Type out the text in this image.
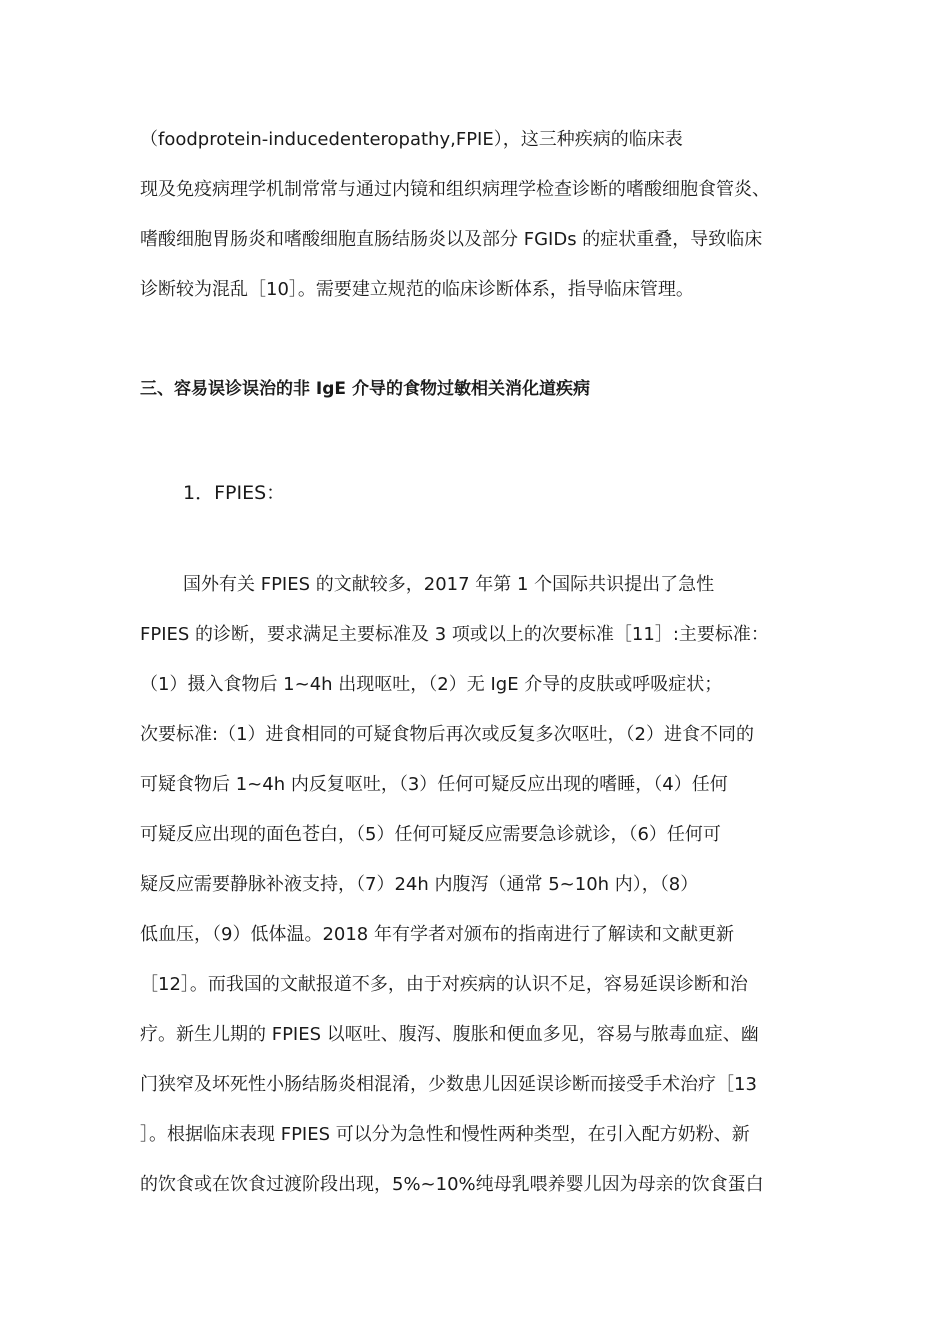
（foodprotein-inducedenteropathy,FPIE），这三种疾病的临床表
现及免疫病理学机制常常与通过内镜和组织病理学检查诊断的嗜酸细胞食管炎、
嗜酸细胞胃肠炎和嗜酸细胞直肠结肠炎以及部分 FGIDs 的症状重叠，导致临床
诊断较为混乱［10］。需要建立规范的临床诊断体系，指导临床管理。
三、容易误诊误治的非 IgE 介导的食物过敏相关消化道疾病
1．FPIES：
国外有关 FPIES 的文献较多，2017 年第 1 个国际共识提出了急性
FPIES 的诊断，要求满足主要标准及 3 项或以上的次要标准［11］:主要标准：
（1）摄入食物后 1~4h 出现呕吐，（2）无 IgE 介导的皮肤或呼吸症状；
次要标准:（1）进食相同的可疑食物后再次或反复多次呕吐，（2）进食不同的
可疑食物后 1~4h 内反复呕吐，（3）任何可疑反应出现的嗜睡，（4）任何
可疑反应出现的面色苍白，（5）任何可疑反应需要急诊就诊，（6）任何可
疑反应需要静脉补液支持，（7）24h 内腹泻（通常 5~10h 内），（8）
低血压，（9）低体温。2018 年有学者对颁布的指南进行了解读和文献更新
［12］。而我国的文献报道不多，由于对疾病的认识不足，容易延误诊断和治
疗。新生儿期的 FPIES 以呕吐、腹泻、腹胀和便血多见，容易与脓毒血症、幽
门狭窄及坏死性小肠结肠炎相混淆，少数患儿因延误诊断而接受手术治疗［13
］。根据临床表现 FPIES 可以分为急性和慢性两种类型，在引入配方奶粉、新
的饮食或在饮食过渡阶段出现，5%~10%纯母乳喂养婴儿因为母亲的饮食蛋白
